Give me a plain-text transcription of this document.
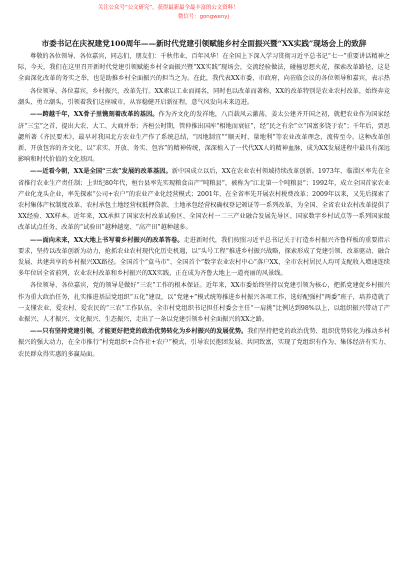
关注公众号“公文研究”，获得最新最全最丰富的公文资料！
微信号：gongwenyj
市委书记在庆祝建党100周年——新时代党建引领赋能乡村全面振兴暨“XX实践”现场会上的致辞

尊敬的各位领导、各位嘉宾，同志们，朋友们：千秋伟业，百年风华！在全国上下深入学习贯彻习近平总书记“七一”重要讲话精神之际，今天，我们在这里召开新时代党建引领赋能乡村全面振兴暨“XX实践”现场会，交流经验做法，碰撞思想火花，探索改革路径，这是全面深化改革的务实之举，也是助推乡村全面振兴的担当之为。在此，我代表XX市委、市政府，向莅临会议的各位领导和嘉宾，表示热

各位领导、各位嘉宾，乡村振兴，改革先行。XX素以工业而闻名，同时也以改革而著称，XX的改革特别是农业农村改革，始终奔竞潮头、勇立潮头，引领着我们这座城市，从容稳健开启新征程，意气风发向未来迈进。

——跨越千年，XX骨子里镌刻着改革的基因。作为齐文化的发祥地，八百载风云激荡，姜太公建齐开国之初，就把农业作为国家经济“三宝”之首，提出大农、大工、大商并举；齐桓公时期，管仲推出国库“相地而衰征”，经“民之有余”立“国富多饶于农”；千年后，贾思勰所著《齐民要术》，最早对我国北方农业生产作了系统总结，“因地制宜”“顺天时、量地利”等农业改革理念，流传至今。这种改革创新、开放包容的齐文化，以“求实、开放、务实、包容”的精神传统，深深植入了一代代XX人的精神血脉，成为XX发展进程中最具有深远影响和时代价值的文化基因。

——近看今朝，XX是全国“三农”发展的改革基因。新中国成立以后，XX在农业农村领域持续改革创新。1973年，临淄区率先在全省推行农业生产责任制；上世纪80年代，桓台县率先实现粮食亩产“吨粮县”，被称为“江北第一个吨粮县”；1992年，成立全国首家农业产业化龙头企业，率先探索“公司+农户”的农业产业化经营模式；2001年，在全省率先开展农村税费改革；2009年以来，又先后探索了农村集体产权制度改革、农村承包土地经营权抵押贷款、土地承包经营权确权登记颁证等一系列改革，为全国、全省农业农村改革提供了XX经验、XX样本。近年来，XX承担了国家农村改革试验区、全国农村一二三产业融合发展先导区、国家数字乡村试点等一系列国家级改革试点任务，改革的“试验田”越种越宽、“高产田”越种越多。

——面向未来，XX大地上书写着乡村振兴的改革答卷。走进新时代，我们按照习近平总书记关于打造乡村振兴齐鲁样板的重要指示要求，坚持以改革创新为动力，抢抓农业农村现代化历史机遇，以“头号工程”推进乡村振兴战略，探索形成了党建引领、改革驱动、融合发展、共建共享的乡村振兴XX路径。全国首个“盒马市”、全国首个“数字农业农村中心”落户XX，全市农村居民人均可支配收入增速连续多年位居全省前列，农业农村改革和乡村振兴的XX实践，正在成为齐鲁大地上一道亮丽的风景线。

各位领导、各位嘉宾，党的领导是做好“三农”工作的根本保证。近年来，XX市委始终坚持以党建引领为核心，把抓党建促乡村振兴作为重大政治任务，扎实推进基层党组织“五化”建设，以“党建+”模式统筹推进乡村振兴各项工作，选好配强村“两委”班子，培养造就了一支懂农业、爱农村、爱农民的“三农”工作队伍，全市村党组织书记担任村委会主任“一肩挑”比例达到98%以上，以组织振兴带动了产业振兴、人才振兴、文化振兴、生态振兴，走出了一条以党建引领乡村全面振兴的XX之路。

——只有坚持党建引领，才能更好把党的政治优势转化为乡村振兴的发展优势。我们坚持把党的政治优势、组织优势转化为推动乡村振兴的强大动力，在全市推行“村党组织+合作社+农户”模式，引导农民抱团发展、共同致富，实现了党组织有作为、集体经济有实力、农民群众得实惠的多赢局面。
